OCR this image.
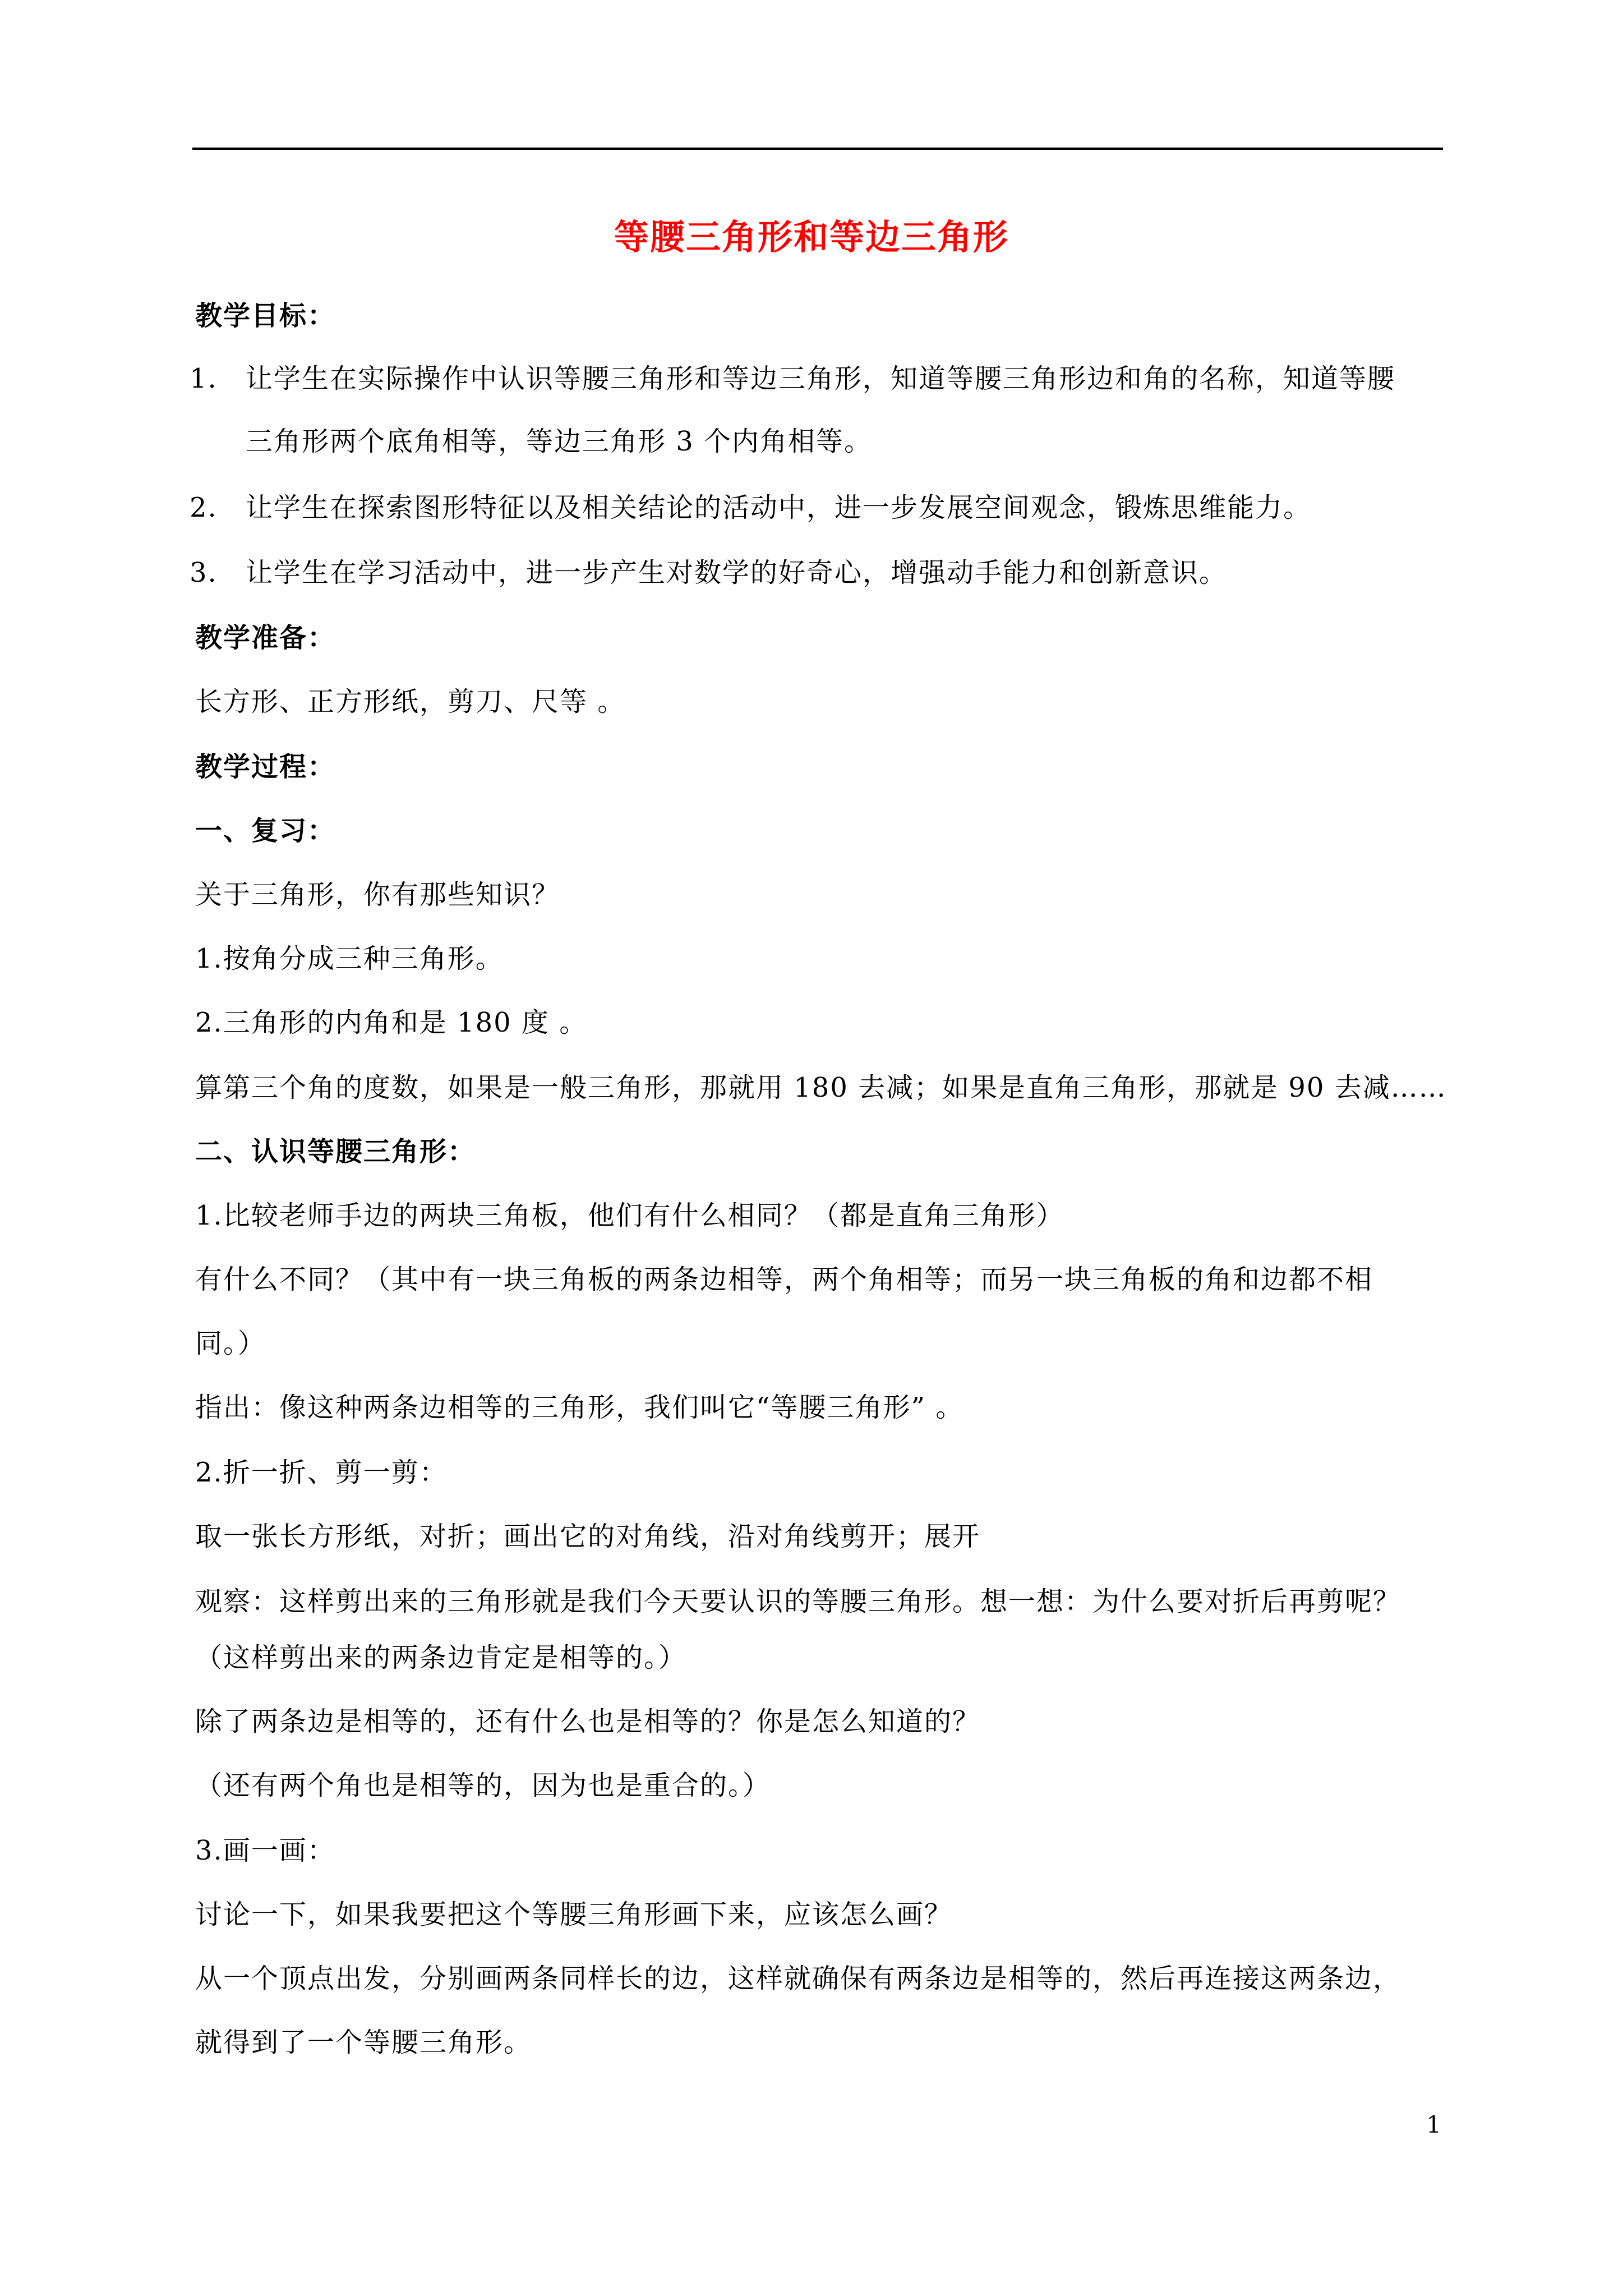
等腰三角形和等边三角形
教学目标：
1. 让学生在实际操作中认识等腰三角形和等边三角形，知道等腰三角形边和角的名称，知道等腰
三角形两个底角相等，等边三角形 3 个内角相等。
2. 让学生在探索图形特征以及相关结论的活动中，进一步发展空间观念，锻炼思维能力。
3. 让学生在学习活动中，进一步产生对数学的好奇心，增强动手能力和创新意识。
教学准备：
长方形、正方形纸，剪刀、尺等 。
教学过程：
一、复习：
关于三角形，你有那些知识？
1.按角分成三种三角形。
2.三角形的内角和是 180 度 。
算第三个角的度数，如果是一般三角形，那就用 180 去减；如果是直角三角形，那就是 90 去减……
二、认识等腰三角形：
1.比较老师手边的两块三角板，他们有什么相同？（都是直角三角形）
有什么不同？（其中有一块三角板的两条边相等，两个角相等；而另一块三角板的角和边都不相
同。）
指出：像这种两条边相等的三角形，我们叫它“等腰三角形” 。
2.折一折、剪一剪：
取一张长方形纸，对折；画出它的对角线，沿对角线剪开；展开
观察：这样剪出来的三角形就是我们今天要认识的等腰三角形。想一想：为什么要对折后再剪呢？
（这样剪出来的两条边肯定是相等的。）
除了两条边是相等的，还有什么也是相等的？你是怎么知道的？
（还有两个角也是相等的，因为也是重合的。）
3.画一画：
讨论一下，如果我要把这个等腰三角形画下来，应该怎么画？
从一个顶点出发，分别画两条同样长的边，这样就确保有两条边是相等的，然后再连接这两条边，
就得到了一个等腰三角形。
1
